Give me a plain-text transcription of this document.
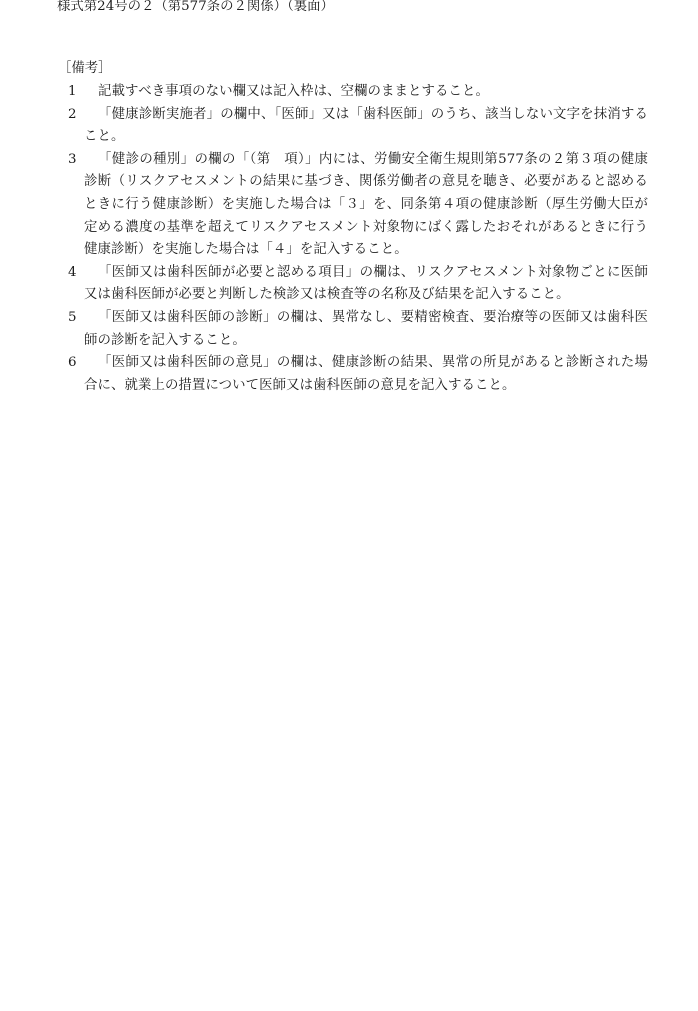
様式第24号の２（第577条の２関係）（裏面）
［備考］
1	記載すべき事項のない欄又は記入枠は、空欄のままとすること。
2	「健康診断実施者」の欄中、「医師」又は「歯科医師」のうち、該当しない文字を抹消すること。
3	「健診の種別」の欄の「（第　項）」内には、労働安全衛生規則第577条の２第３項の健康診断（リスクアセスメントの結果に基づき、関係労働者の意見を聴き、必要があると認めるときに行う健康診断）を実施した場合は「３」を、同条第４項の健康診断（厚生労働大臣が定める濃度の基準を超えてリスクアセスメント対象物にばく露したおそれがあるときに行う健康診断）を実施した場合は「４」を記入すること。
4	「医師又は歯科医師が必要と認める項目」の欄は、リスクアセスメント対象物ごとに医師又は歯科医師が必要と判断した検診又は検査等の名称及び結果を記入すること。
5	「医師又は歯科医師の診断」の欄は、異常なし、要精密検査、要治療等の医師又は歯科医師の診断を記入すること。
6	「医師又は歯科医師の意見」の欄は、健康診断の結果、異常の所見があると診断された場合に、就業上の措置について医師又は歯科医師の意見を記入すること。
